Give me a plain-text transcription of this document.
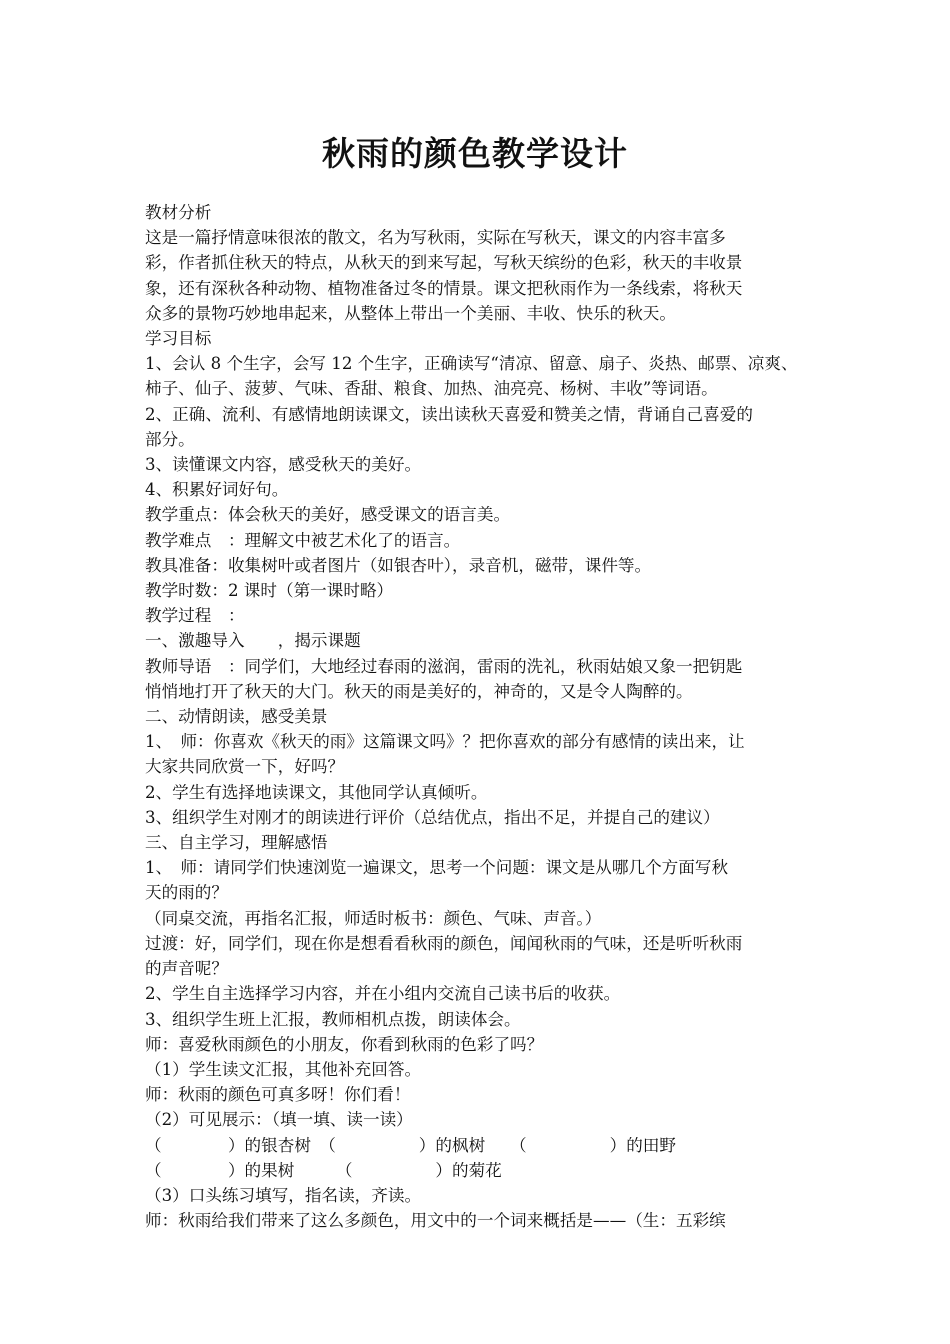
秋雨的颜色教学设计

教材分析

这是一篇抒情意味很浓的散文，名为写秋雨，实际在写秋天，课文的内容丰富多

彩，作者抓住秋天的特点，从秋天的到来写起，写秋天缤纷的色彩，秋天的丰收景

象，还有深秋各种动物、植物准备过冬的情景。课文把秋雨作为一条线索，将秋天

众多的景物巧妙地串起来，从整体上带出一个美丽、丰收、快乐的秋天。

学习目标

1、会认 8 个生字，会写 12 个生字，正确读写“清凉、留意、扇子、炎热、邮票、凉爽、

柿子、仙子、菠萝、气味、香甜、粮食、加热、油亮亮、杨树、丰收”等词语。

2、正确、流利、有感情地朗读课文，读出读秋天喜爱和赞美之情，背诵自己喜爱的

部分。

3、读懂课文内容，感受秋天的美好。

4、积累好词好句。

教学重点：体会秋天的美好，感受课文的语言美。

教学难点　：理解文中被艺术化了的语言。

教具准备：收集树叶或者图片（如银杏叶），录音机，磁带，课件等。

教学时数：2 课时（第一课时略）

教学过程　：

一、激趣导入　　，揭示课题

教师导语　：同学们，大地经过春雨的滋润，雷雨的洗礼，秋雨姑娘又象一把钥匙

悄悄地打开了秋天的大门。秋天的雨是美好的，神奇的，又是令人陶醉的。

二、动情朗读，感受美景

1、　师：你喜欢《秋天的雨》这篇课文吗》？把你喜欢的部分有感情的读出来，让

大家共同欣赏一下，好吗？

2、学生有选择地读课文，其他同学认真倾听。

3、组织学生对刚才的朗读进行评价（总结优点，指出不足，并提自己的建议）

三、自主学习，理解感悟

1、　师：请同学们快速浏览一遍课文，思考一个问题：课文是从哪几个方面写秋

天的雨的？

（同桌交流，再指名汇报，师适时板书：颜色、气味、声音。）

过渡：好，同学们，现在你是想看看秋雨的颜色，闻闻秋雨的气味，还是听听秋雨

的声音呢？

2、学生自主选择学习内容，并在小组内交流自己读书后的收获。

3、组织学生班上汇报，教师相机点拨，朗读体会。

师：喜爱秋雨颜色的小朋友，你看到秋雨的色彩了吗？

（1）学生读文汇报，其他补充回答。

师：秋雨的颜色可真多呀！你们看！

（2）可见展示：（填一填、读一读）

（　　　　）的银杏树　（　　　　　）的枫树　　（　　　　　）的田野

（　　　　）的果树　　　（　　　　　）的菊花

（3）口头练习填写，指名读，齐读。

师：秋雨给我们带来了这么多颜色，用文中的一个词来概括是——（生：五彩缤
